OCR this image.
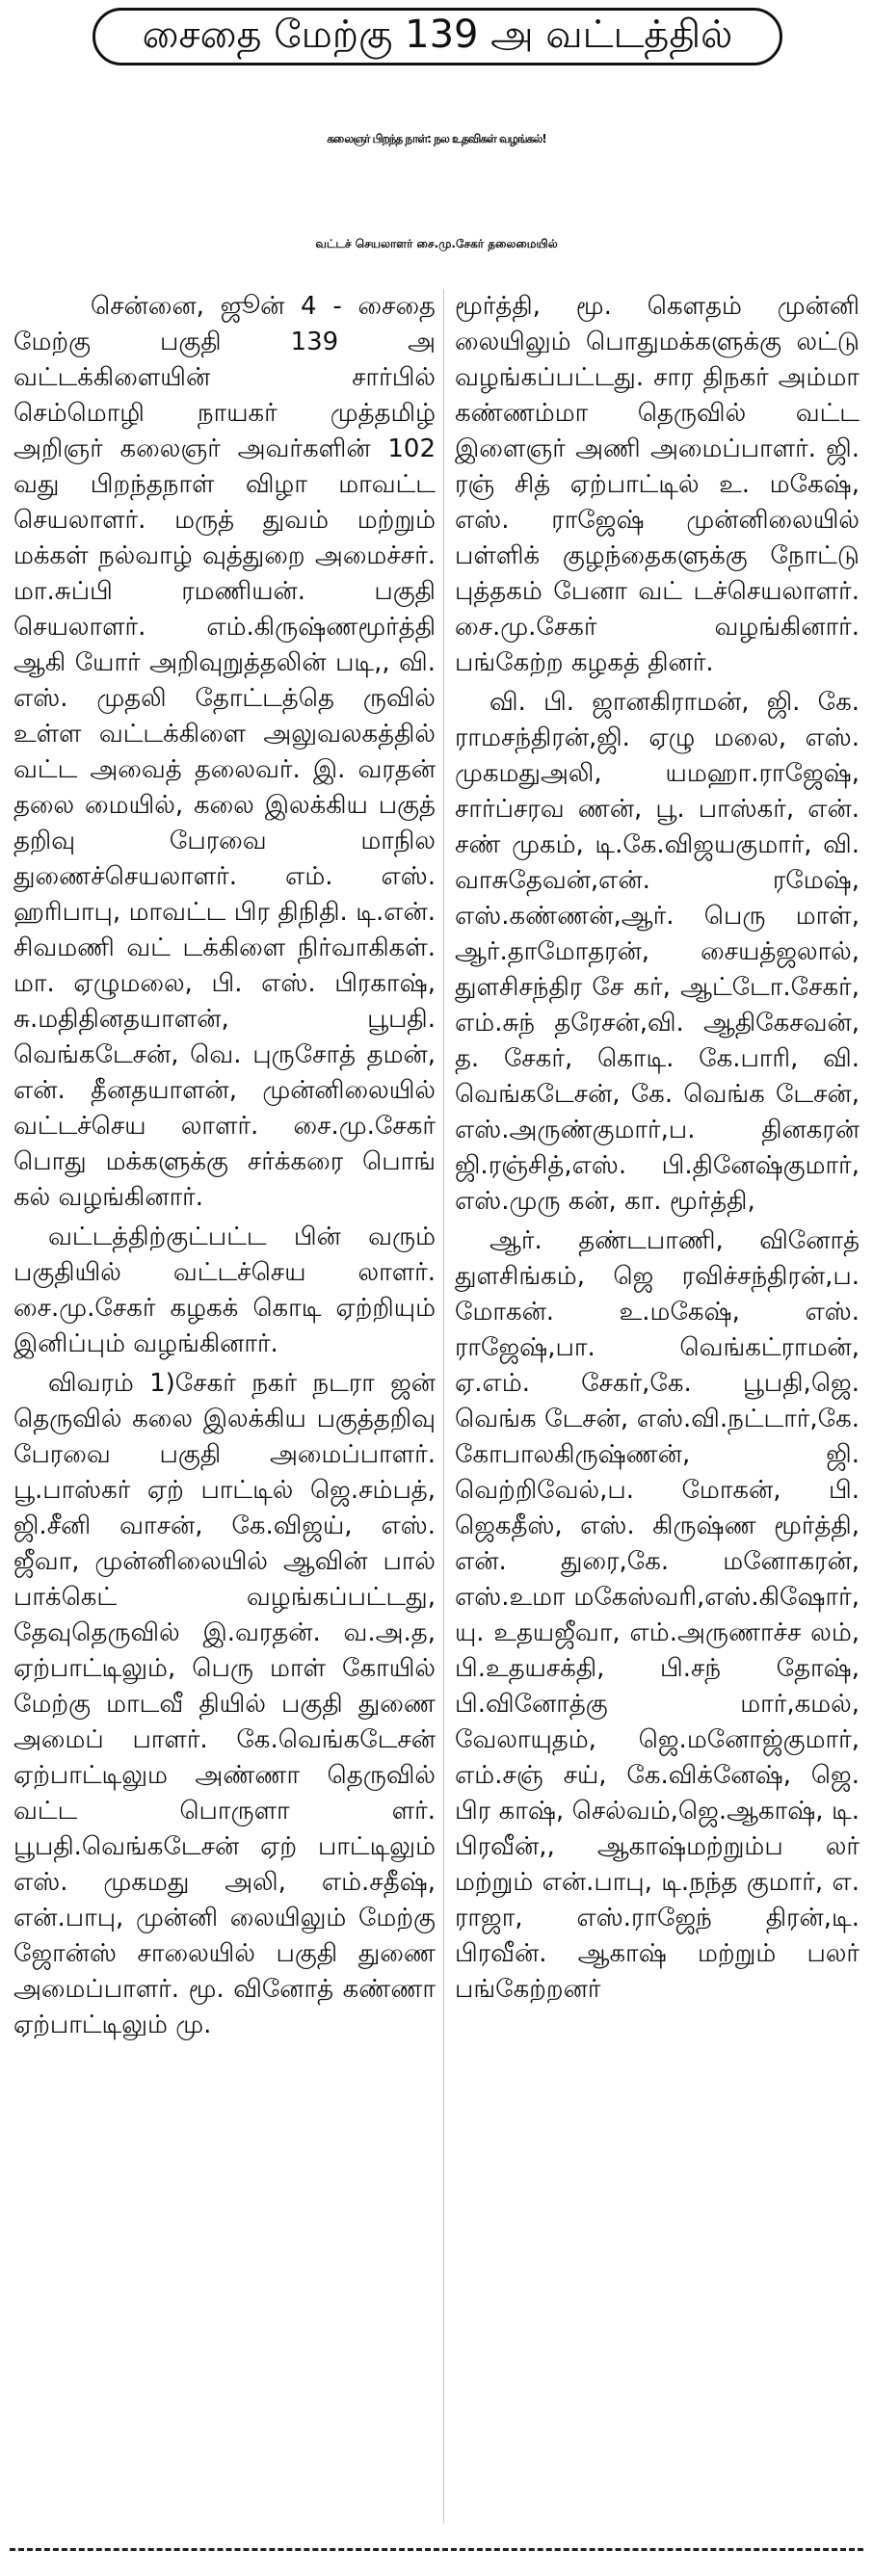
சைதை மேற்கு 139 அ வட்டத்தில்
கலைஞர் பிறந்த நாள்: நல உதவிகள் வழங்கல்!
வட்டச் செயலாளர் சை.மு.சேகர் தலைமையில்

சென்னை, ஜூன் 4 - சைதை மேற்கு பகுதி 139 அ வட்டக்கிளையின் சார்பில் செம்மொழி நாயகர் முத்தமிழ் அறிஞர் கலைஞர் அவர்களின் 102 வது பிறந்தநாள் விழா மாவட்ட செயலாளர். மருத் துவம் மற்றும் மக்கள் நல்வாழ் வுத்துறை அமைச்சர். மா.சுப்பி ரமணியன். பகுதி செயலாளர். எம்.கிருஷ்ணமூர்த்தி ஆகி யோர் அறிவுறுத்தலின் படி,, வி. எஸ். முதலி தோட்டத்தெ ருவில் உள்ள வட்டக்கிளை அலுவலகத்தில் வட்ட அவைத் தலைவர். இ. வரதன் தலை மையில், கலை இலக்கிய பகுத் தறிவு பேரவை மாநில துணைச்செயலாளர். எம். எஸ். ஹரிபாபு, மாவட்ட பிர திநிதி. டி.என். சிவமணி வட் டக்கிளை நிர்வாகிகள். மா. ஏழுமலை, பி. எஸ். பிரகாஷ், சு.மதிதினதயாளன், பூபதி. வெங்கடேசன், வெ. புருசோத் தமன், என். தீனதயாளன், முன்னிலையில் வட்டச்செய லாளர். சை.மு.சேகர் பொது மக்களுக்கு சர்க்கரை பொங் கல் வழங்கினார்.

வட்டத்திற்குட்பட்ட பின் வரும் பகுதியில் வட்டச்செய லாளர். சை.மு.சேகர் கழகக் கொடி ஏற்றியும் இனிப்பும் வழங்கினார்.

விவரம் 1)சேகர் நகர் நடரா ஜன் தெருவில் கலை இலக்கிய பகுத்தறிவு பேரவை பகுதி அமைப்பாளர். பூ.பாஸ்கர் ஏற் பாட்டில் ஜெ.சம்பத், ஜி.சீனி வாசன், கே.விஜய், எஸ். ஜீவா, முன்னிலையில் ஆவின் பால் பாக்கெட் வழங்கப்பட்டது, தேவுதெருவில் இ.வரதன். வ.அ.த, ஏற்பாட்டிலும், பெரு மாள் கோயில் மேற்கு மாடவீ தியில் பகுதி துணை அமைப் பாளர். கே.வெங்கடேசன் ஏற்பாட்டிலும அண்ணா தெருவில் வட்ட பொருளா ளர். பூபதி.வெங்கடேசன் ஏற் பாட்டிலும் எஸ். முகமது அலி, எம்.சதீஷ், என்.பாபு, முன்னி லையிலும் மேற்கு ஜோன்ஸ் சாலையில் பகுதி துணை அமைப்பாளர். மூ. வினோத் கண்ணா ஏற்பாட்டிலும் மு.

மூர்த்தி, மூ. கௌதம் முன்னி லையிலும் பொதுமக்களுக்கு லட்டு வழங்கப்பட்டது. சார திநகர் அம்மா கண்ணம்மா தெருவில் வட்ட இளைஞர் அணி அமைப்பாளர். ஜி. ரஞ் சித் ஏற்பாட்டில் உ. மகேஷ், எஸ். ராஜேஷ் முன்னிலையில் பள்ளிக் குழந்தைகளுக்கு நோட்டு புத்தகம் பேனா வட் டச்செயலாளர். சை.மு.சேகர் வழங்கினார். பங்கேற்ற கழகத் தினர்.

வி. பி. ஜானகிராமன், ஜி. கே. ராமசந்திரன்,ஜி. ஏழு மலை, எஸ். முகமதுஅலி, யமஹா.ராஜேஷ், சார்ப்சரவ ணன், பூ. பாஸ்கர், என். சண் முகம், டி.கே.விஜயகுமார், வி. வாசுதேவன்,என். ரமேஷ், எஸ்.கண்ணன்,ஆர். பெரு மாள், ஆர்.தாமோதரன், சையத்ஜலால், துளசிசந்திர சே கர், ஆட்டோ.சேகர், எம்.சுந் தரேசன்,வி. ஆதிகேசவன், த. சேகர், கொடி. கே.பாரி, வி. வெங்கடேசன், கே. வெங்க டேசன், எஸ்.அருண்குமார்,ப. தினகரன் ஜி.ரஞ்சித்,எஸ். பி.தினேஷ்குமார், எஸ்.முரு கன், கா. மூர்த்தி,

ஆர். தண்டபாணி, வினோத் துளசிங்கம், ஜெ ரவிச்சந்திரன்,ப. மோகன். உ.மகேஷ், எஸ். ராஜேஷ்,பா. வெங்கட்ராமன், ஏ.எம். சேகர்,கே. பூபதி,ஜெ. வெங்க டேசன், எஸ்.வி.நட்டார்,கே. கோபாலகிருஷ்ணன், ஜி. வெற்றிவேல்,ப. மோகன், பி. ஜெகதீஸ், எஸ். கிருஷ்ண மூர்த்தி, என். துரை,கே. மனோகரன், எஸ்.உமா மகேஸ்வரி,எஸ்.கிஷோர், யு. உதயஜீவா, எம்.அருணாச்ச லம், பி.உதயசக்தி, பி.சந் தோஷ், பி.வினோத்கு மார்,கமல், வேலாயுதம், ஜெ.மனோஜ்குமார், எம்.சஞ் சய், கே.விக்னேஷ், ஜெ. பிர காஷ், செல்வம்,ஜெ.ஆகாஷ், டி. பிரவீன்,, ஆகாஷ்மற்றும்ப லர் மற்றும் என்.பாபு, டி.நந்த குமார், எ. ராஜா, எஸ்.ராஜேந் திரன்,டி. பிரவீன். ஆகாஷ் மற்றும் பலர் பங்கேற்றனர்
